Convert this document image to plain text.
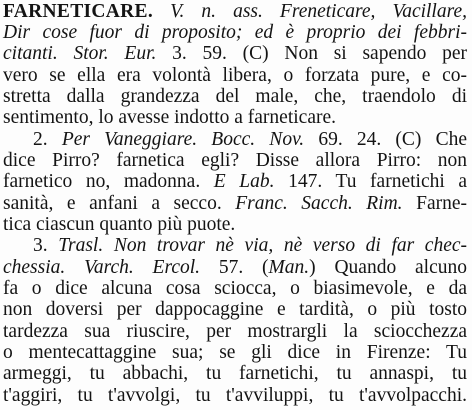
FARNETICARE. V. n. ass. Freneticare, Vacillare,
Dir cose fuor di proposito; ed è proprio dei febbri-
citanti. Stor. Eur. 3. 59. (C) Non si sapendo per
vero se ella era volontà libera, o forzata pure, e co-
stretta dalla grandezza del male, che, traendolo di
sentimento, lo avesse indotto a farneticare.
2. Per Vaneggiare. Bocc. Nov. 69. 24. (C) Che
dice Pirro? farnetica egli? Disse allora Pirro: non
farnetico no, madonna. E Lab. 147. Tu farnetichi a
sanità, e anfani a secco. Franc. Sacch. Rim. Farne-
tica ciascun quanto più puote.
3. Trasl. Non trovar nè via, nè verso di far chec-
chessia. Varch. Ercol. 57. (Man.) Quando alcuno
fa o dice alcuna cosa sciocca, o biasimevole, e da
non doversi per dappocaggine e tardità, o più tosto
tardezza sua riuscire, per mostrargli la sciocchezza
o mentecattaggine sua; se gli dice in Firenze: Tu
armeggi, tu abbachi, tu farnetichi, tu annaspi, tu
t'aggiri, tu t'avvolgi, tu t'avviluppi, tu t'avvolpacchi.
